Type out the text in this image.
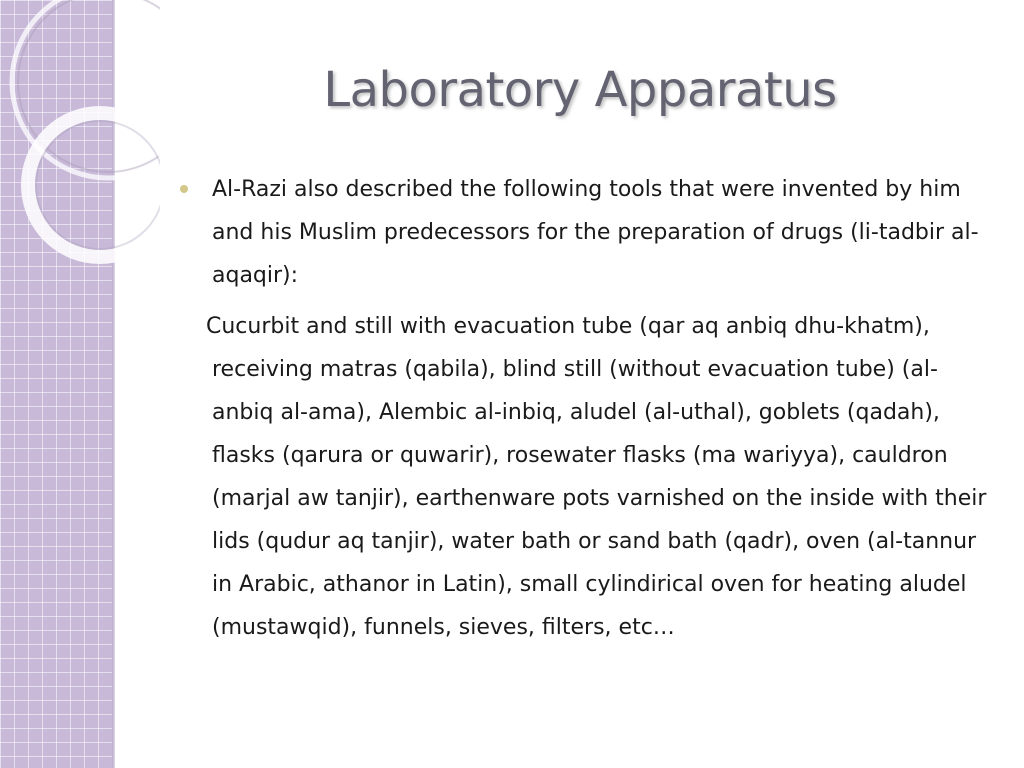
Laboratory Apparatus

Al-Razi also described the following tools that were invented by him and his Muslim predecessors for the preparation of drugs (li-tadbir al-aqaqir):

Cucurbit and still with evacuation tube (qar aq anbiq dhu-khatm), receiving matras (qabila), blind still (without evacuation tube) (al-anbiq al-ama), Alembic al-inbiq, aludel (al-uthal), goblets (qadah), flasks (qarura or quwarir), rosewater flasks (ma wariyya), cauldron (marjal aw tanjir), earthenware pots varnished on the inside with their lids (qudur aq tanjir), water bath or sand bath (qadr), oven (al-tannur in Arabic, athanor in Latin), small cylindirical oven for heating aludel (mustawqid), funnels, sieves, filters, etc…
